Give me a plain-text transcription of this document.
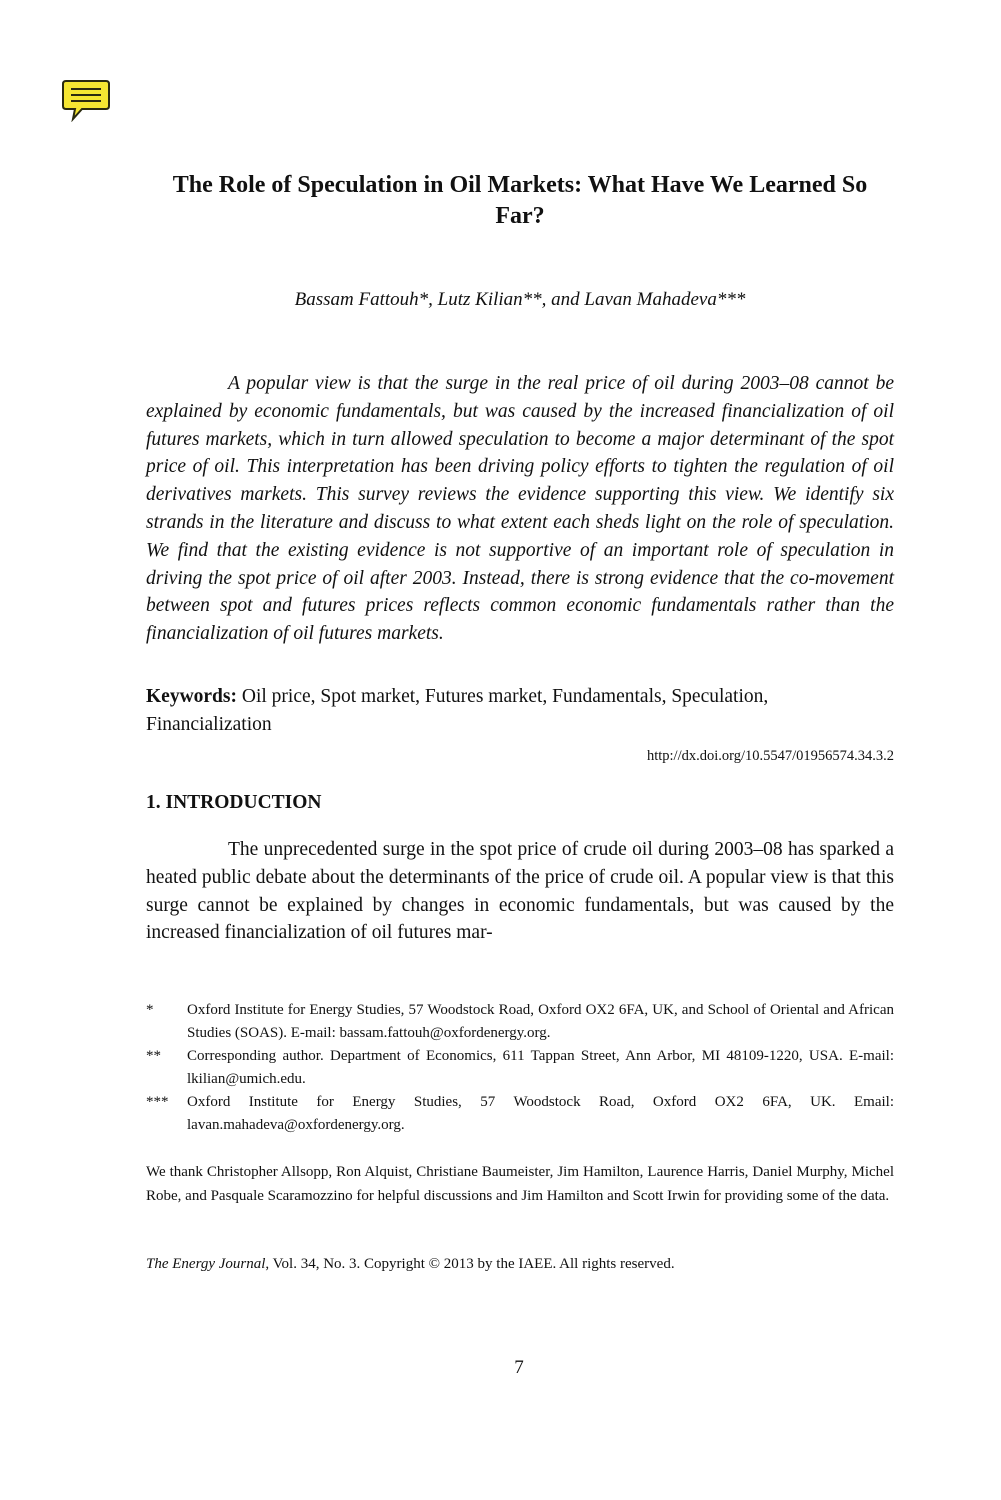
The Role of Speculation in Oil Markets: What Have We Learned So Far?
Bassam Fattouh*, Lutz Kilian**, and Lavan Mahadeva***

A popular view is that the surge in the real price of oil during 2003–08 cannot be explained by economic fundamentals, but was caused by the increased financialization of oil futures markets, which in turn allowed speculation to become a major determinant of the spot price of oil. This interpretation has been driving policy efforts to tighten the regulation of oil derivatives markets. This survey reviews the evidence supporting this view. We identify six strands in the literature and discuss to what extent each sheds light on the role of speculation. We find that the existing evidence is not supportive of an important role of speculation in driving the spot price of oil after 2003. Instead, there is strong evidence that the co-movement between spot and futures prices reflects common economic fundamentals rather than the financialization of oil futures markets.

Keywords: Oil price, Spot market, Futures market, Fundamentals, Speculation, Financialization

http://dx.doi.org/10.5547/01956574.34.3.2
1. INTRODUCTION

The unprecedented surge in the spot price of crude oil during 2003–08 has sparked a heated public debate about the determinants of the price of crude oil. A popular view is that this surge cannot be explained by changes in economic fundamentals, but was caused by the increased financialization of oil futures mar-

*	Oxford Institute for Energy Studies, 57 Woodstock Road, Oxford OX2 6FA, UK, and School of Oriental and African Studies (SOAS). E-mail: bassam.fattouh@oxfordenergy.org.
**	Corresponding author. Department of Economics, 611 Tappan Street, Ann Arbor, MI 48109-1220, USA. E-mail: lkilian@umich.edu.
***	Oxford Institute for Energy Studies, 57 Woodstock Road, Oxford OX2 6FA, UK. Email: lavan.mahadeva@oxfordenergy.org.

We thank Christopher Allsopp, Ron Alquist, Christiane Baumeister, Jim Hamilton, Laurence Harris, Daniel Murphy, Michel Robe, and Pasquale Scaramozzino for helpful discussions and Jim Hamilton and Scott Irwin for providing some of the data.

The Energy Journal, Vol. 34, No. 3. Copyright © 2013 by the IAEE. All rights reserved.

7
